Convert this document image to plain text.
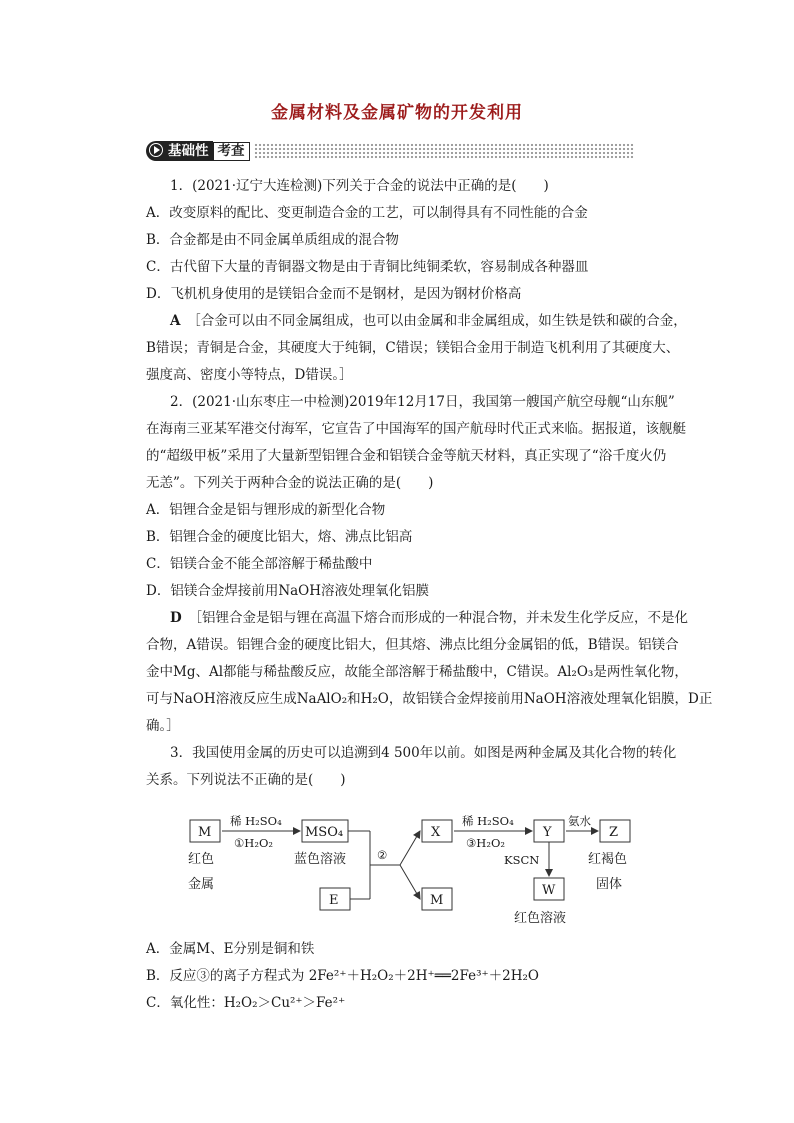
金属材料及金属矿物的开发利用
基础性 考查
1．(2021·辽宁大连检测)下列关于合金的说法中正确的是(　　)
A．改变原料的配比、变更制造合金的工艺，可以制得具有不同性能的合金
B．合金都是由不同金属单质组成的混合物
C．古代留下大量的青铜器文物是由于青铜比纯铜柔软，容易制成各种器皿
D．飞机机身使用的是镁铝合金而不是钢材，是因为钢材价格高
A　 ［合金可以由不同金属组成，也可以由金属和非金属组成，如生铁是铁和碳的合金，
B错误；青铜是合金，其硬度大于纯铜，C错误；镁铝合金用于制造飞机利用了其硬度大、
强度高、密度小等特点，D错误。］
2．(2021·山东枣庄一中检测)2019年12月17日，我国第一艘国产航空母舰“山东舰”
在海南三亚某军港交付海军，它宣告了中国海军的国产航母时代正式来临。据报道，该舰艇
的“超级甲板”采用了大量新型铝锂合金和铝镁合金等航天材料，真正实现了“浴千度火仍
无恙”。下列关于两种合金的说法正确的是(　　)
A．铝锂合金是铝与锂形成的新型化合物
B．铝锂合金的硬度比铝大，熔、沸点比铝高
C．铝镁合金不能全部溶解于稀盐酸中
D．铝镁合金焊接前用NaOH溶液处理氧化铝膜
D　 ［铝锂合金是铝与锂在高温下熔合而形成的一种混合物，并未发生化学反应，不是化
合物，A错误。铝锂合金的硬度比铝大，但其熔、沸点比组分金属铝的低，B错误。铝镁合
金中Mg、Al都能与稀盐酸反应，故能全部溶解于稀盐酸中，C错误。Al₂O₃是两性氧化物，
可与NaOH溶液反应生成NaAlO₂和H₂O，故铝镁合金焊接前用NaOH溶液处理氧化铝膜，D正
确。］
3．我国使用金属的历史可以追溯到4 500年以前。如图是两种金属及其化合物的转化
关系。下列说法不正确的是(　　)
M	MSO₄
E
X
M
Y	Z
W
稀 H₂SO₄
①H₂O₂
②
稀 H₂SO₄
③H₂O₂
氨水
KSCN
红色
金属
蓝色溶液	红褐色
固体
红色溶液
A．金属M、E分别是铜和铁
B．反应③的离子方程式为 2Fe²⁺＋H₂O₂＋2H⁺══2Fe³⁺＋2H₂O
C．氧化性：H₂O₂＞Cu²⁺＞Fe²⁺
